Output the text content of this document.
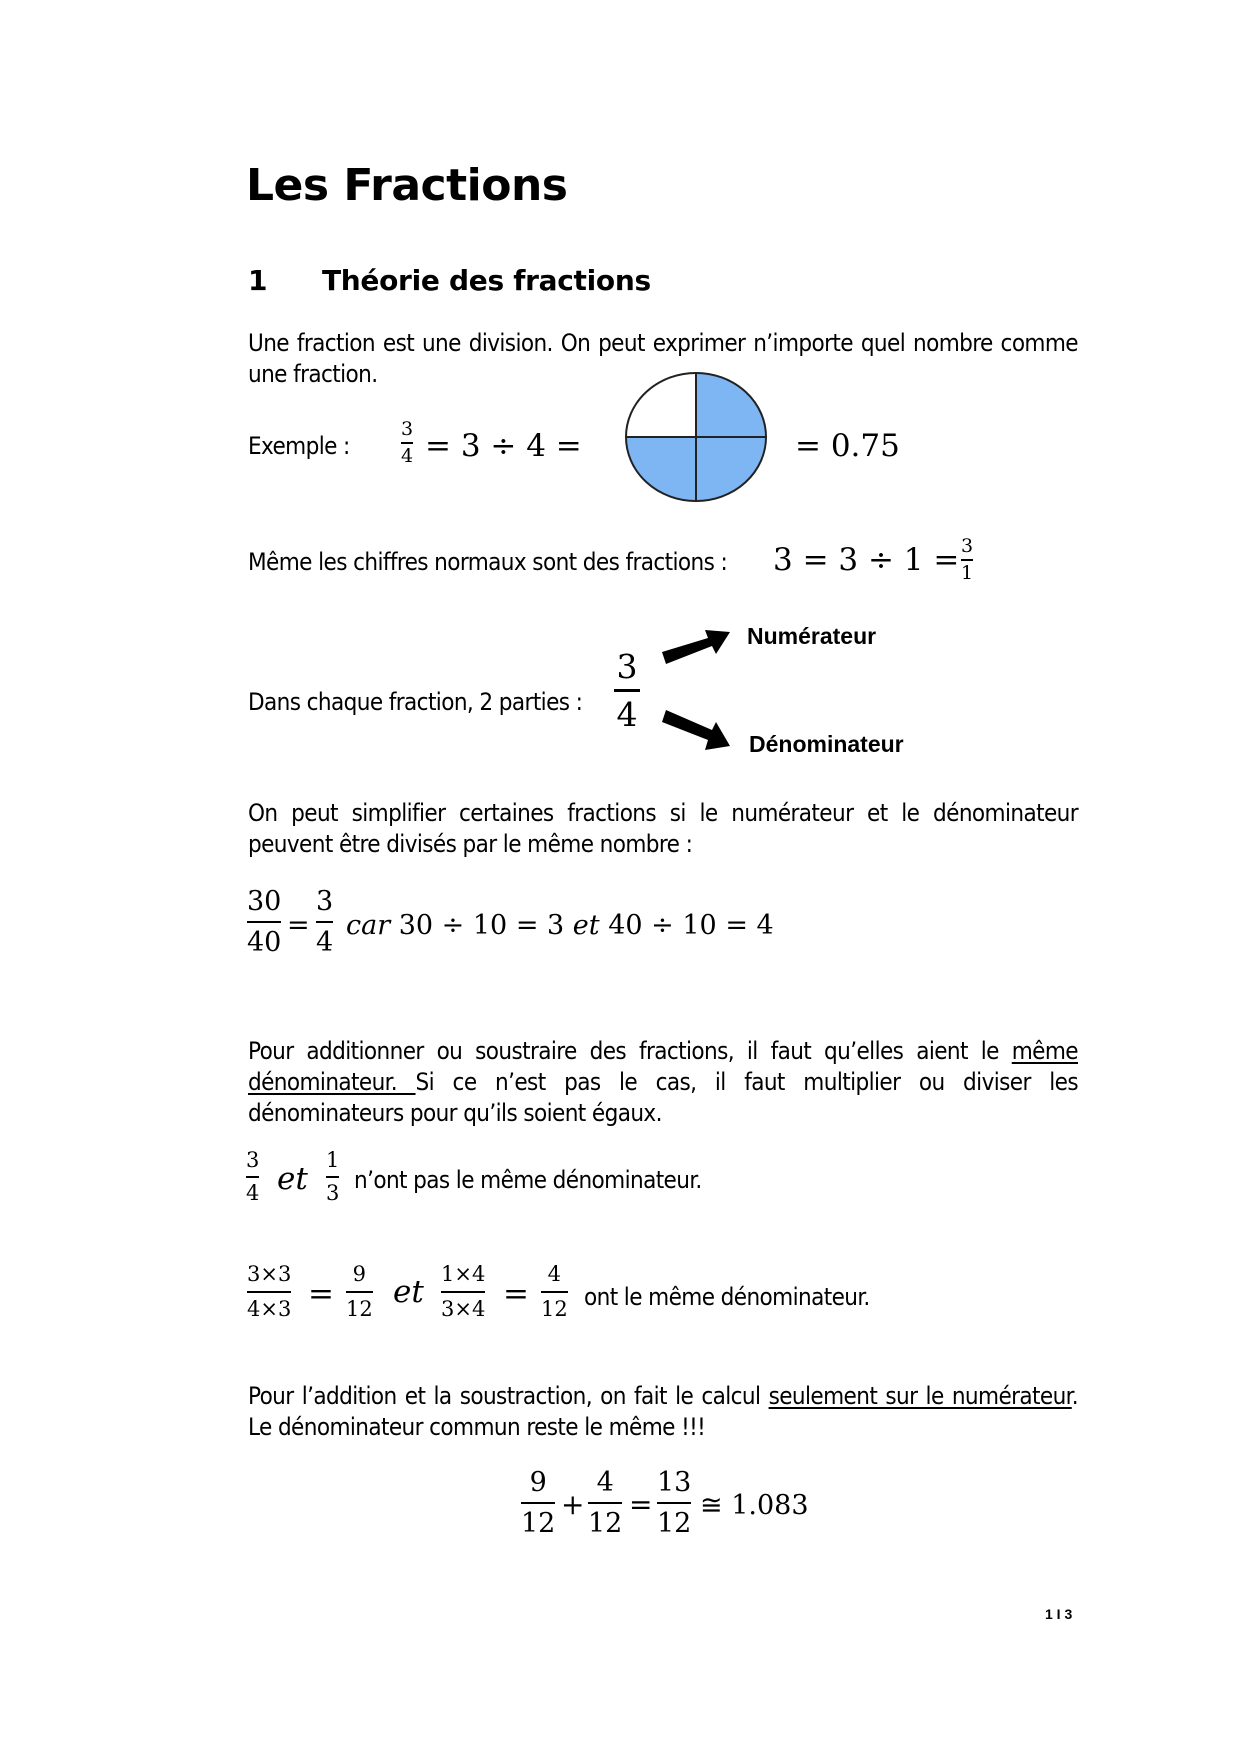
Les Fractions
1 Théorie des fractions
Une fraction est une division. On peut exprimer n’importe quel nombre comme une fraction.
Exemple :
3
4 = 3 ÷ 4 =	= 0.75
Même les chiffres normaux sont des fractions : 3 = 3 ÷ 1 = 3
1
Dans chaque fraction, 2 parties :
3
4
Numérateur
Dénominateur
On peut simplifier certaines fractions si le numérateur et le dénominateur peuvent être divisés par le même nombre :
30
40
=
3
4
car 30 ÷ 10 = 3 et 40 ÷ 10 = 4
Pour additionner ou soustraire des fractions, il faut qu’elles aient le même dénominateur. Si ce n’est pas le cas, il faut multiplier ou diviser les dénominateurs pour qu’ils soient égaux.
3
4 et
1
3 n’ont pas le même dénominateur.
3×3
4×3 =
9
12 et 1×4
3×4 =
4
12 ont le même dénominateur.
Pour l’addition et la soustraction, on fait le calcul seulement sur le numérateur. Le dénominateur commun reste le même !!!
9
12
+
4
12
=
13
12
≅ 1.083
1 I 3
